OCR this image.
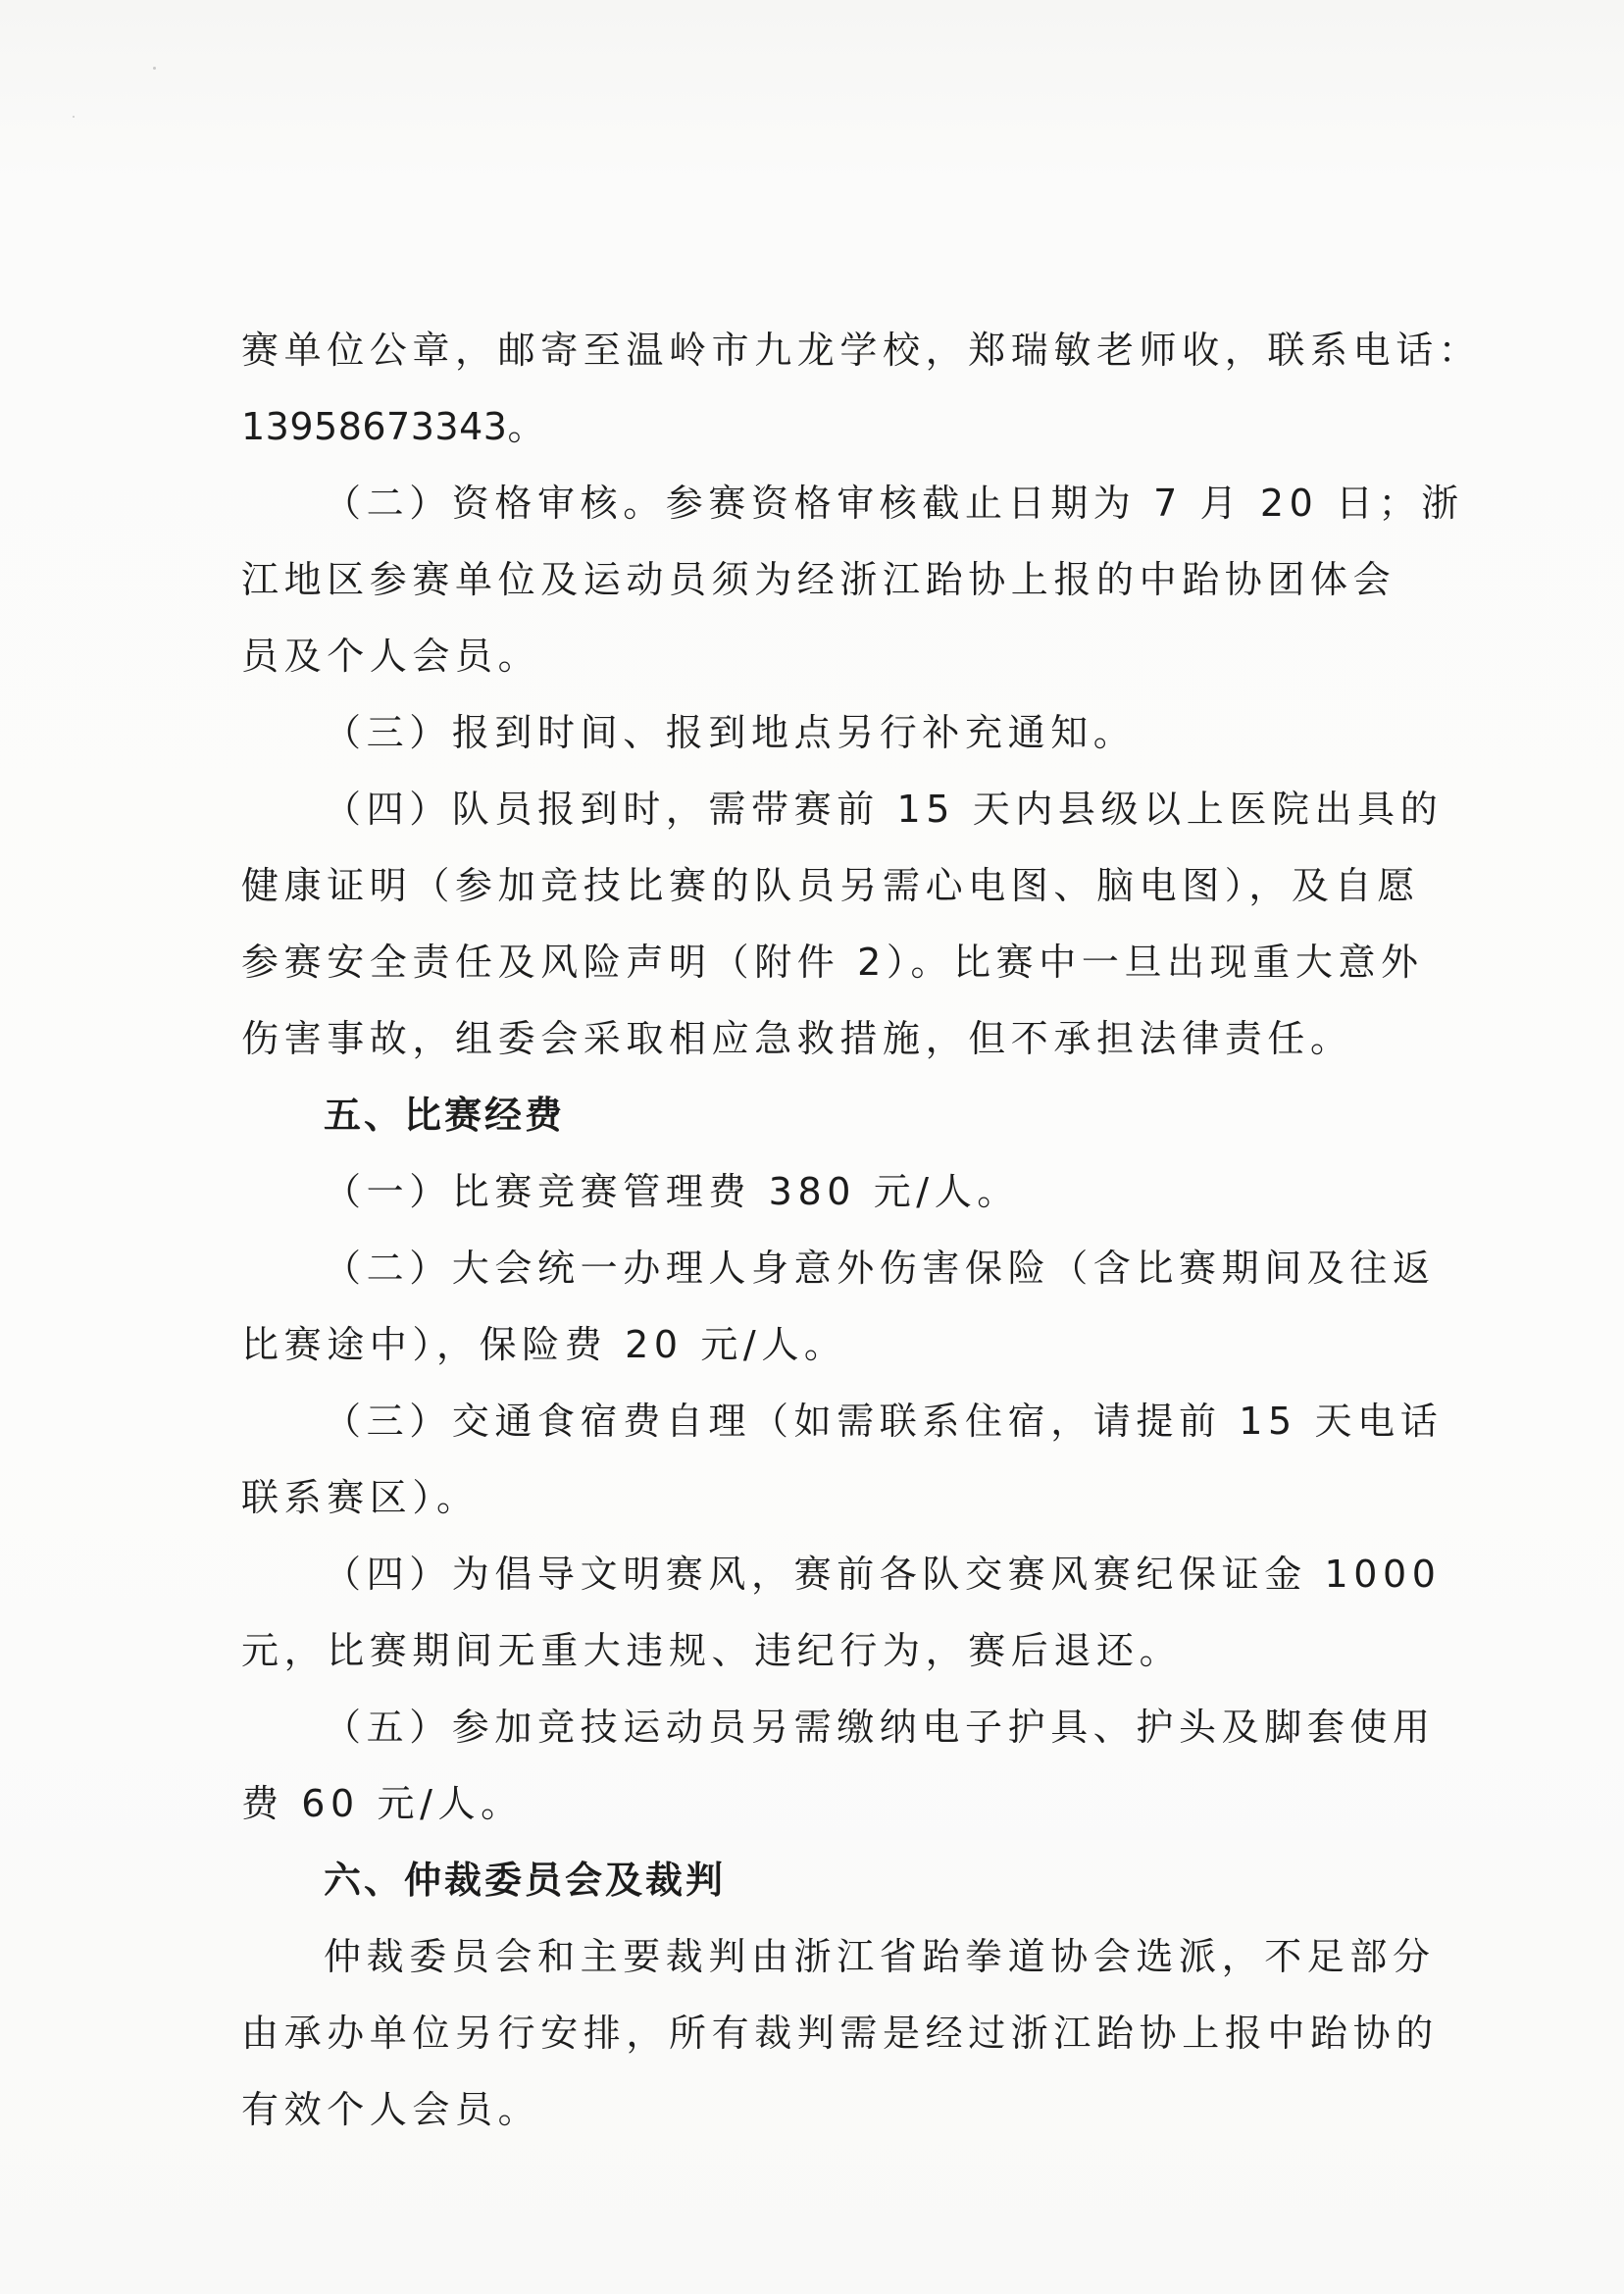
赛单位公章，邮寄至温岭市九龙学校，郑瑞敏老师收，联系电话：
13958673343。
（二）资格审核。参赛资格审核截止日期为 7 月 20 日；浙
江地区参赛单位及运动员须为经浙江跆协上报的中跆协团体会
员及个人会员。
（三）报到时间、报到地点另行补充通知。
（四）队员报到时，需带赛前 15 天内县级以上医院出具的
健康证明（参加竞技比赛的队员另需心电图、脑电图），及自愿
参赛安全责任及风险声明（附件 2）。比赛中一旦出现重大意外
伤害事故，组委会采取相应急救措施，但不承担法律责任。
五、比赛经费
（一）比赛竞赛管理费 380 元/人。
（二）大会统一办理人身意外伤害保险（含比赛期间及往返
比赛途中），保险费 20 元/人。
（三）交通食宿费自理（如需联系住宿，请提前 15 天电话
联系赛区）。
（四）为倡导文明赛风，赛前各队交赛风赛纪保证金 1000
元，比赛期间无重大违规、违纪行为，赛后退还。
（五）参加竞技运动员另需缴纳电子护具、护头及脚套使用
费 60 元/人。
六、仲裁委员会及裁判
仲裁委员会和主要裁判由浙江省跆拳道协会选派，不足部分
由承办单位另行安排，所有裁判需是经过浙江跆协上报中跆协的
有效个人会员。
